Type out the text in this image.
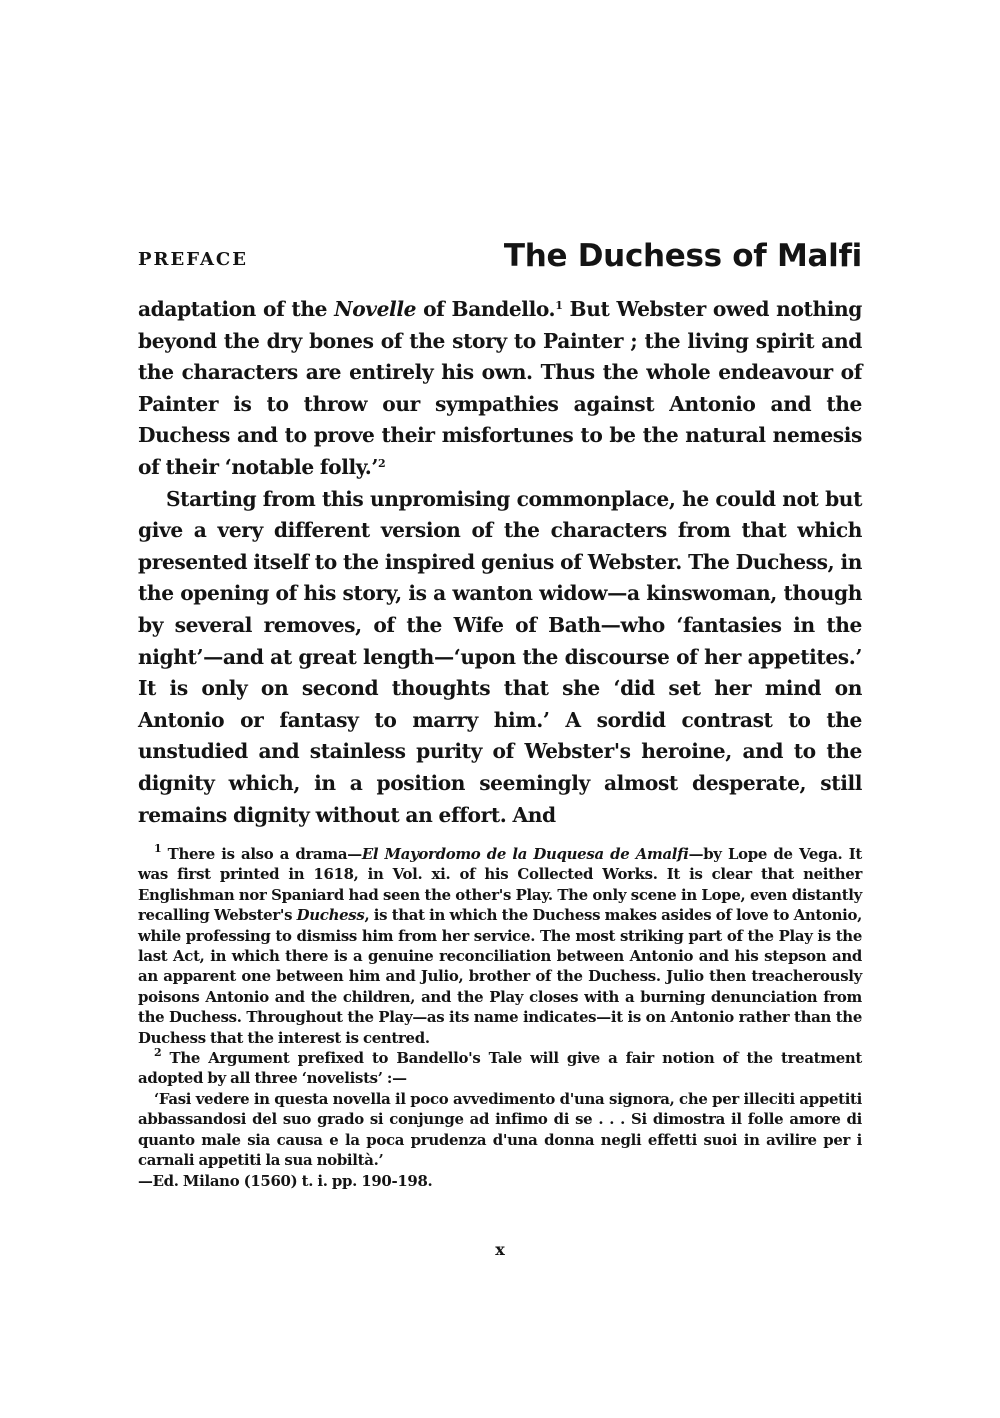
PREFACE	The Duchess of Malfi

adaptation of the Novelle of Bandello.$^1$ But Webster owed nothing beyond the dry bones of the story to Painter ; the living spirit and the characters are entirely his own. Thus the whole endeavour of Painter is to throw our sympathies against Antonio and the Duchess and to prove their misfortunes to be the natural nemesis of their ‘notable folly.’$^2$

Starting from this unpromising commonplace, he could not but give a very different version of the characters from that which presented itself to the inspired genius of Webster. The Duchess, in the opening of his story, is a wanton widow—a kinswoman, though by several removes, of the Wife of Bath—who ‘fantasies in the night’—and at great length—‘upon the discourse of her appetites.’ It is only on second thoughts that she ‘did set her mind on Antonio or fantasy to marry him.’ A sordid contrast to the unstudied and stainless purity of Webster's heroine, and to the dignity which, in a position seemingly almost desperate, still remains dignity without an effort. And

$^1$ There is also a drama—El Mayordomo de la Duquesa de Amalfi—by Lope de Vega. It was first printed in 1618, in Vol. xi. of his Collected Works. It is clear that neither Englishman nor Spaniard had seen the other's Play. The only scene in Lope, even distantly recalling Webster's Duchess, is that in which the Duchess makes asides of love to Antonio, while professing to dismiss him from her service. The most striking part of the Play is the last Act, in which there is a genuine reconciliation between Antonio and his stepson and an apparent one between him and Julio, brother of the Duchess. Julio then treacherously poisons Antonio and the children, and the Play closes with a burning denunciation from the Duchess. Throughout the Play—as its name indicates—it is on Antonio rather than the Duchess that the interest is centred.

$^2$ The Argument prefixed to Bandello's Tale will give a fair notion of the treatment adopted by all three ‘novelists’ :—

‘Fasi vedere in questa novella il poco avvedimento d'una signora, che per illeciti appetiti abbassandosi del suo grado si conjunge ad infimo di se . . . Si dimostra il folle amore di quanto male sia causa e la poca prudenza d'una donna negli effetti suoi in avilire per i carnali appetiti la sua nobiltà.’

—Ed. Milano (1560) t. i. pp. 190-198.

x
